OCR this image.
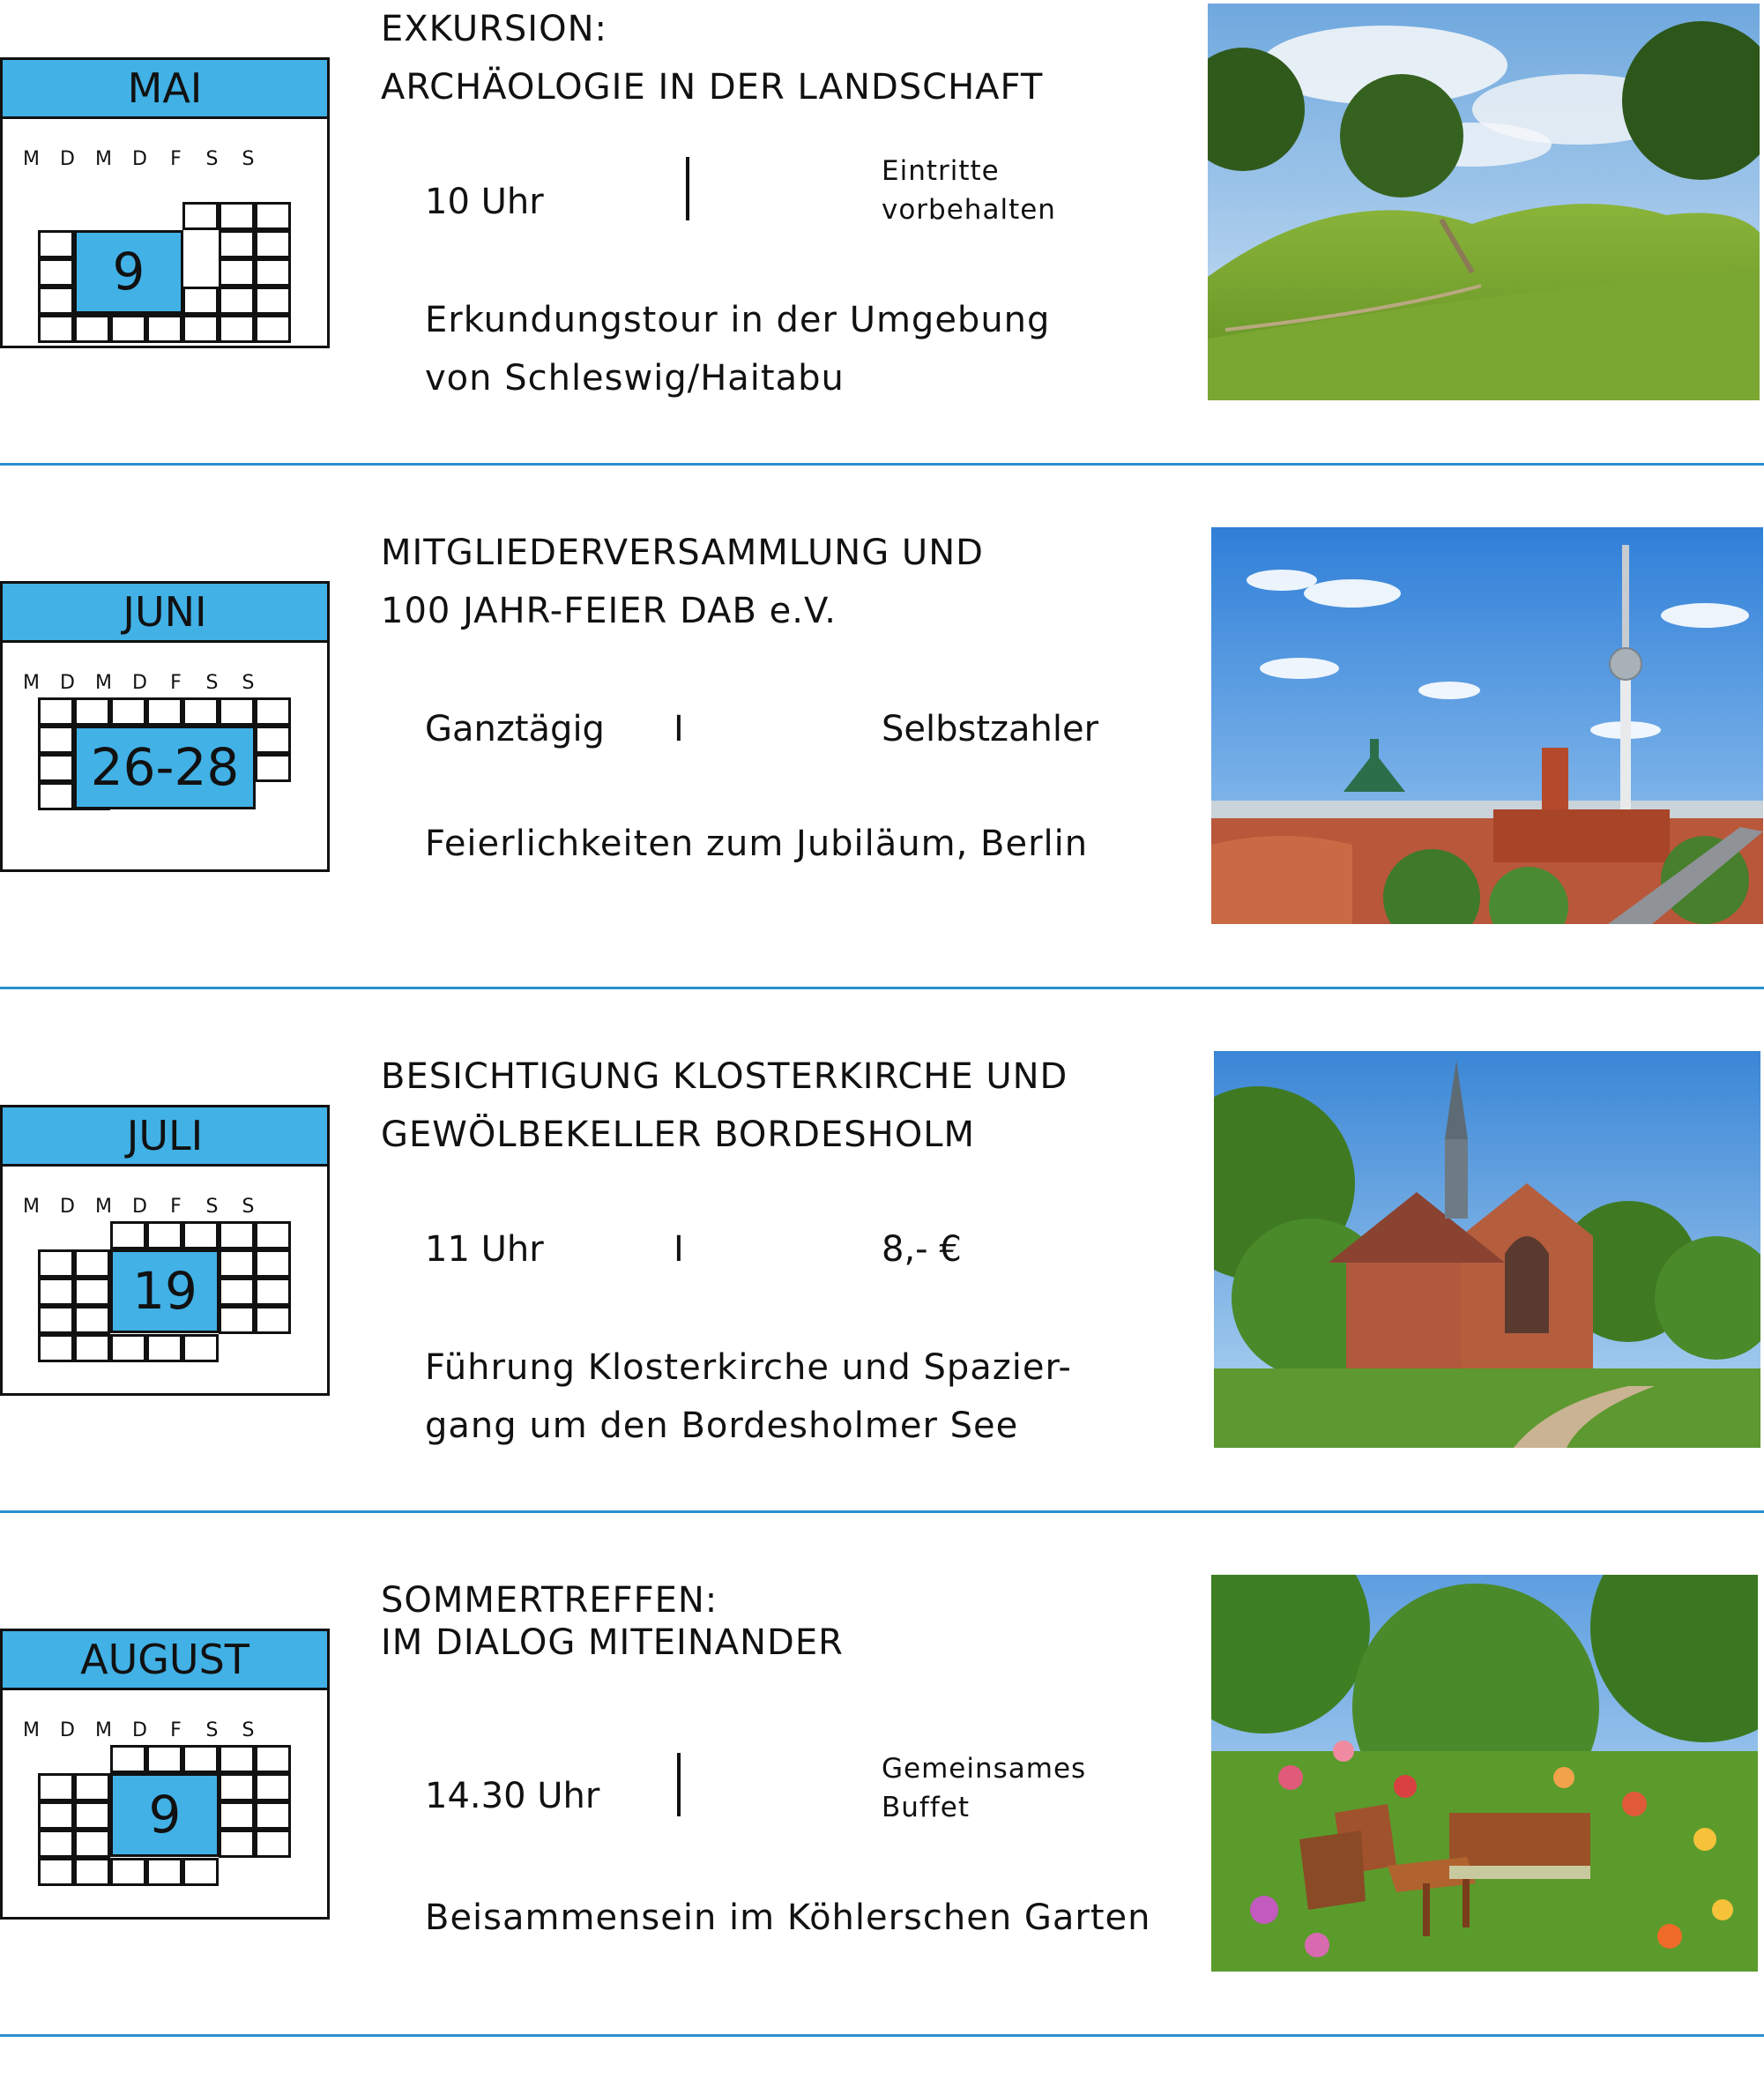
MAI
M	D	M	D	F	S	S
9
EXKURSION:
ARCHÄOLOGIE IN DER LANDSCHAFT
10 Uhr
Eintritte
vorbehalten
Erkundungstour in der Umgebung
von Schleswig/Haitabu
JUNI
M	D	M	D	F	S	S
26-28
MITGLIEDERVERSAMMLUNG UND
100 JAHR-FEIER DAB e.V.
Ganztägig I	Selbstzahler
Feierlichkeiten zum Jubiläum, Berlin
JULI
M	D	M	D	F	S	S
19
BESICHTIGUNG KLOSTERKIRCHE UND
GEWÖLBEKELLER BORDESHOLM
11 Uhr	I	8,- €
Führung Klosterkirche und Spazier-
gang um den Bordesholmer See
AUGUST
M	D	M	D	F	S	S
9
SOMMERTREFFEN:
IM DIALOG MITEINANDER
14.30 Uhr
Gemeinsames
Buffet
Beisammensein im Köhlerschen Garten
